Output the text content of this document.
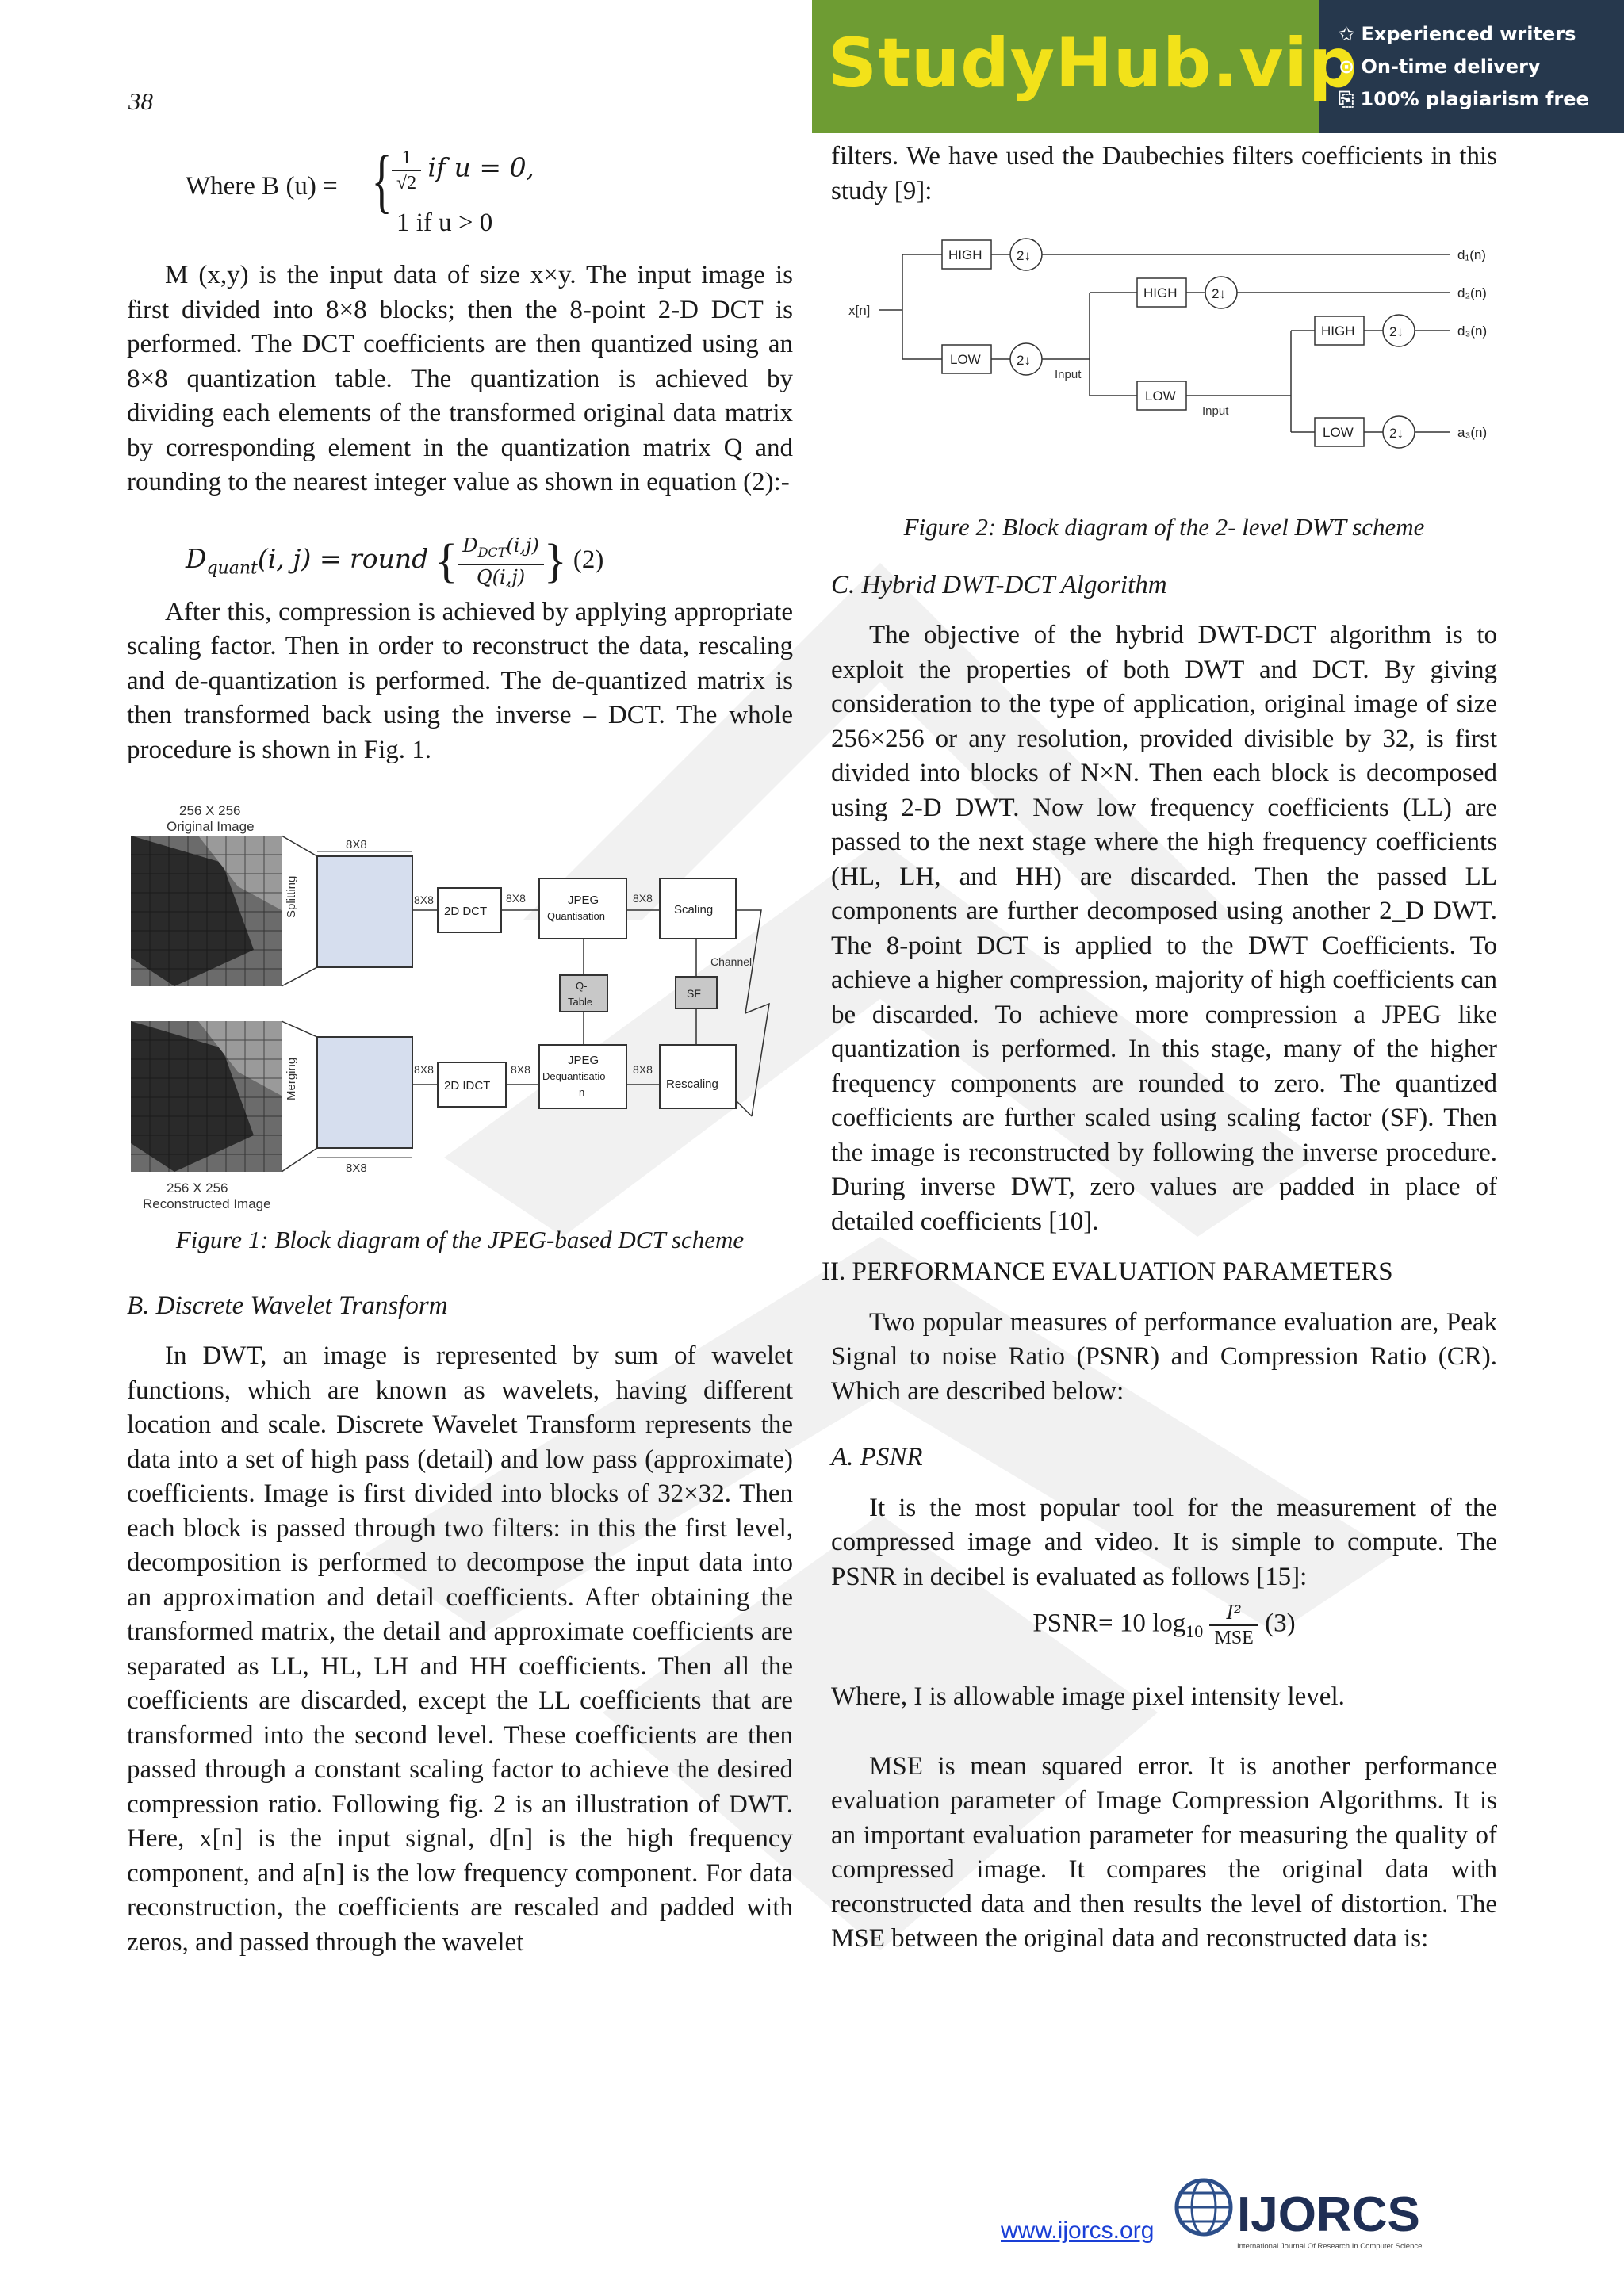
StudyHub.vip
✩ Experienced writers
⊙ On-time delivery
⎘ 100% plagiarism free
38
Where B (u) = { $\frac{1}{√2}$ if u = 0,
1 if u > 0

M (x,y) is the input data of size x×y. The input image is first divided into 8×8 blocks; then the 8-point 2-D DCT is performed. The DCT coefficients are then quantized using an 8×8 quantization table. The quantization is achieved by dividing each elements of the transformed original data matrix by corresponding element in the quantization matrix Q and rounding to the nearest integer value as shown in equation (2):-

$D_{quant}(i$, j) = round { $\frac{D_{DCT}(i,j)}{Q(i,j)}$ } (2)

After this, compression is achieved by applying appropriate scaling factor. Then in order to reconstruct the data, rescaling and de-quantization is performed. The de-quantized matrix is then transformed back using the inverse – DCT. The whole procedure is shown in Fig. 1.

256 X 256
Original Image
Splitting
8X8
8X8
2D DCT
8X8	JPEG
Quantisation
8X8
Scaling
Channel
Q-
Table
SF
256 X 256
Reconstructed Image
Merging
8X8
8X8
2D IDCT
8X8
JPEG
Dequantisatio
n
8X8
Rescaling

Figure 1: Block diagram of the JPEG-based DCT scheme

B. Discrete Wavelet Transform

In DWT, an image is represented by sum of wavelet functions, which are known as wavelets, having different location and scale. Discrete Wavelet Transform represents the data into a set of high pass (detail) and low pass (approximate) coefficients. Image is first divided into blocks of 32×32. Then each block is passed through two filters: in this the first level, decomposition is performed to decompose the input data into an approximation and detail coefficients. After obtaining the transformed matrix, the detail and approximate coefficients are separated as LL, HL, LH and HH coefficients. Then all the coefficients are discarded, except the LL coefficients that are transformed into the second level. These coefficients are then passed through a constant scaling factor to achieve the desired compression ratio. Following fig. 2 is an illustration of DWT. Here, x[n] is the input signal, d[n] is the high frequency component, and a[n] is the low frequency component. For data reconstruction, the coefficients are rescaled and padded with zeros, and passed through the wavelet

filters. We have used the Daubechies filters coefficients in this study [9]:

x[n]
HIGH
LOW
2↓	d₁(n)
2↓
Input
HIGH
LOW
2↓	d₂(n)
Input
HIGH
LOW
2↓	d₃(n)
2↓	a₃(n)

Figure 2: Block diagram of the 2- level DWT scheme

C. Hybrid DWT-DCT Algorithm

The objective of the hybrid DWT-DCT algorithm is to exploit the properties of both DWT and DCT. By giving consideration to the type of application, original image of size 256×256 or any resolution, provided divisible by 32, is first divided into blocks of N×N. Then each block is decomposed using 2-D DWT. Now low frequency coefficients (LL) are passed to the next stage where the high frequency coefficients (HL, LH, and HH) are discarded. Then the passed LL components are further decomposed using another 2_D DWT. The 8-point DCT is applied to the DWT Coefficients. To achieve a higher compression, majority of high coefficients can be discarded. To achieve more compression a JPEG like quantization is performed. In this stage, many of the higher frequency components are rounded to zero. The quantized coefficients are further scaled using scaling factor (SF). Then the image is reconstructed by following the inverse procedure. During inverse DWT, zero values are padded in place of detailed coefficients [10].

II. PERFORMANCE EVALUATION PARAMETERS

Two popular measures of performance evaluation are, Peak Signal to noise Ratio (PSNR) and Compression Ratio (CR). Which are described below:

A. PSNR

It is the most popular tool for the measurement of the compressed image and video. It is simple to compute. The PSNR in decibel is evaluated as follows [15]:

PSNR= 10 $\log_{10} \frac{\text{I²}}{\text{MSE}} (3)$

Where, I is allowable image pixel intensity level.

MSE is mean squared error. It is another performance evaluation parameter of Image Compression Algorithms. It is an important evaluation parameter for measuring the quality of compressed image. It compares the original data with reconstructed data and then results the level of distortion. The MSE between the original data and reconstructed data is:

www.ijorcs.org IJORCS
International Journal Of Research In Computer Science
